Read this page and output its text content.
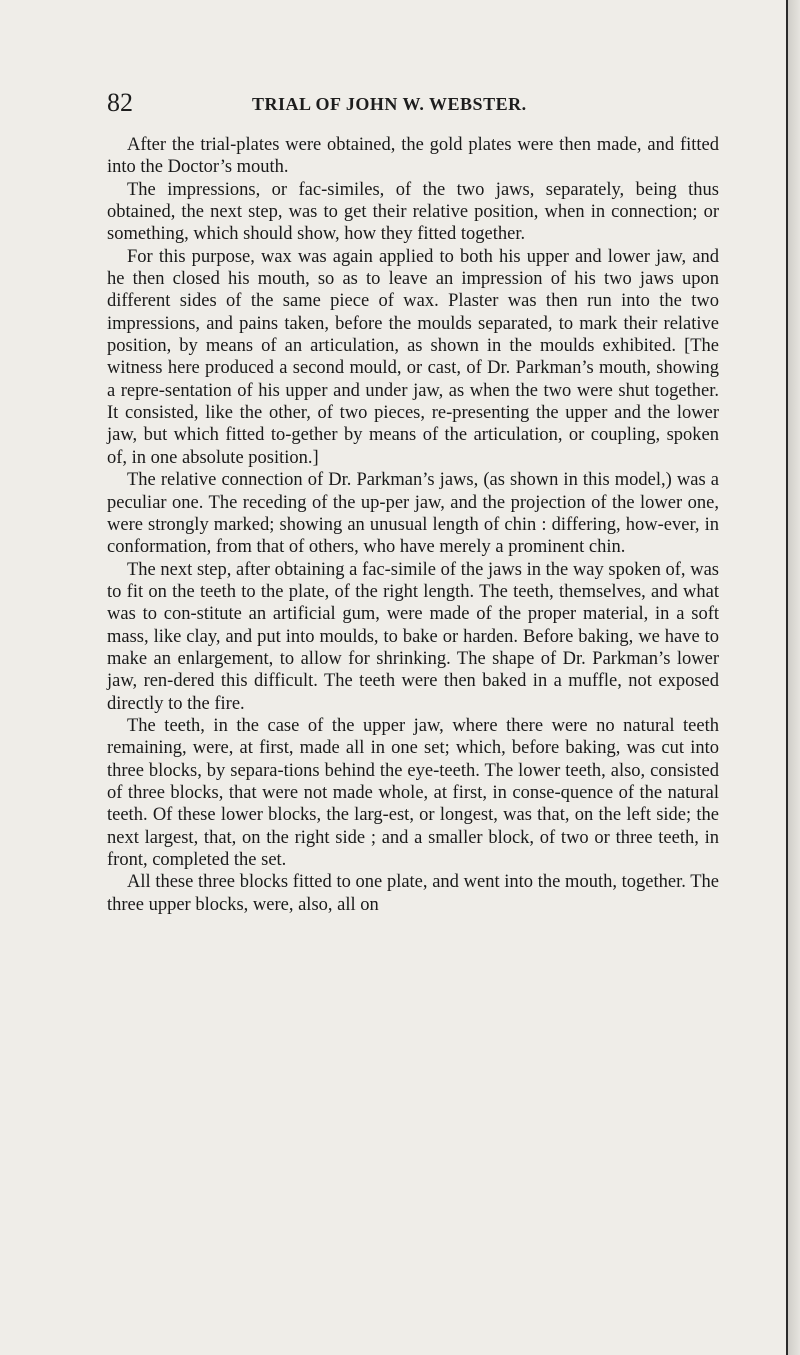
82	TRIAL OF JOHN W. WEBSTER.

After the trial-plates were obtained, the gold plates were then made, and fitted into the Doctor’s mouth.

The impressions, or fac-similes, of the two jaws, separately, being thus obtained, the next step, was to get their relative position, when in connection; or something, which should show, how they fitted together.

For this purpose, wax was again applied to both his upper and lower jaw, and he then closed his mouth, so as to leave an impression of his two jaws upon different sides of the same piece of wax. Plaster was then run into the two impressions, and pains taken, before the moulds separated, to mark their relative position, by means of an articulation, as shown in the moulds exhibited. [The witness here produced a second mould, or cast, of Dr. Parkman’s mouth, showing a repre-sentation of his upper and under jaw, as when the two were shut together. It consisted, like the other, of two pieces, re-presenting the upper and the lower jaw, but which fitted to-gether by means of the articulation, or coupling, spoken of, in one absolute position.]

The relative connection of Dr. Parkman’s jaws, (as shown in this model,) was a peculiar one. The receding of the up-per jaw, and the projection of the lower one, were strongly marked; showing an unusual length of chin : differing, how-ever, in conformation, from that of others, who have merely a prominent chin.

The next step, after obtaining a fac-simile of the jaws in the way spoken of, was to fit on the teeth to the plate, of the right length. The teeth, themselves, and what was to con-stitute an artificial gum, were made of the proper material, in a soft mass, like clay, and put into moulds, to bake or harden. Before baking, we have to make an enlargement, to allow for shrinking. The shape of Dr. Parkman’s lower jaw, ren-dered this difficult. The teeth were then baked in a muffle, not exposed directly to the fire.

The teeth, in the case of the upper jaw, where there were no natural teeth remaining, were, at first, made all in one set; which, before baking, was cut into three blocks, by separa-tions behind the eye-teeth. The lower teeth, also, consisted of three blocks, that were not made whole, at first, in conse-quence of the natural teeth. Of these lower blocks, the larg-est, or longest, was that, on the left side; the next largest, that, on the right side ; and a smaller block, of two or three teeth, in front, completed the set.

All these three blocks fitted to one plate, and went into the mouth, together. The three upper blocks, were, also, all on
